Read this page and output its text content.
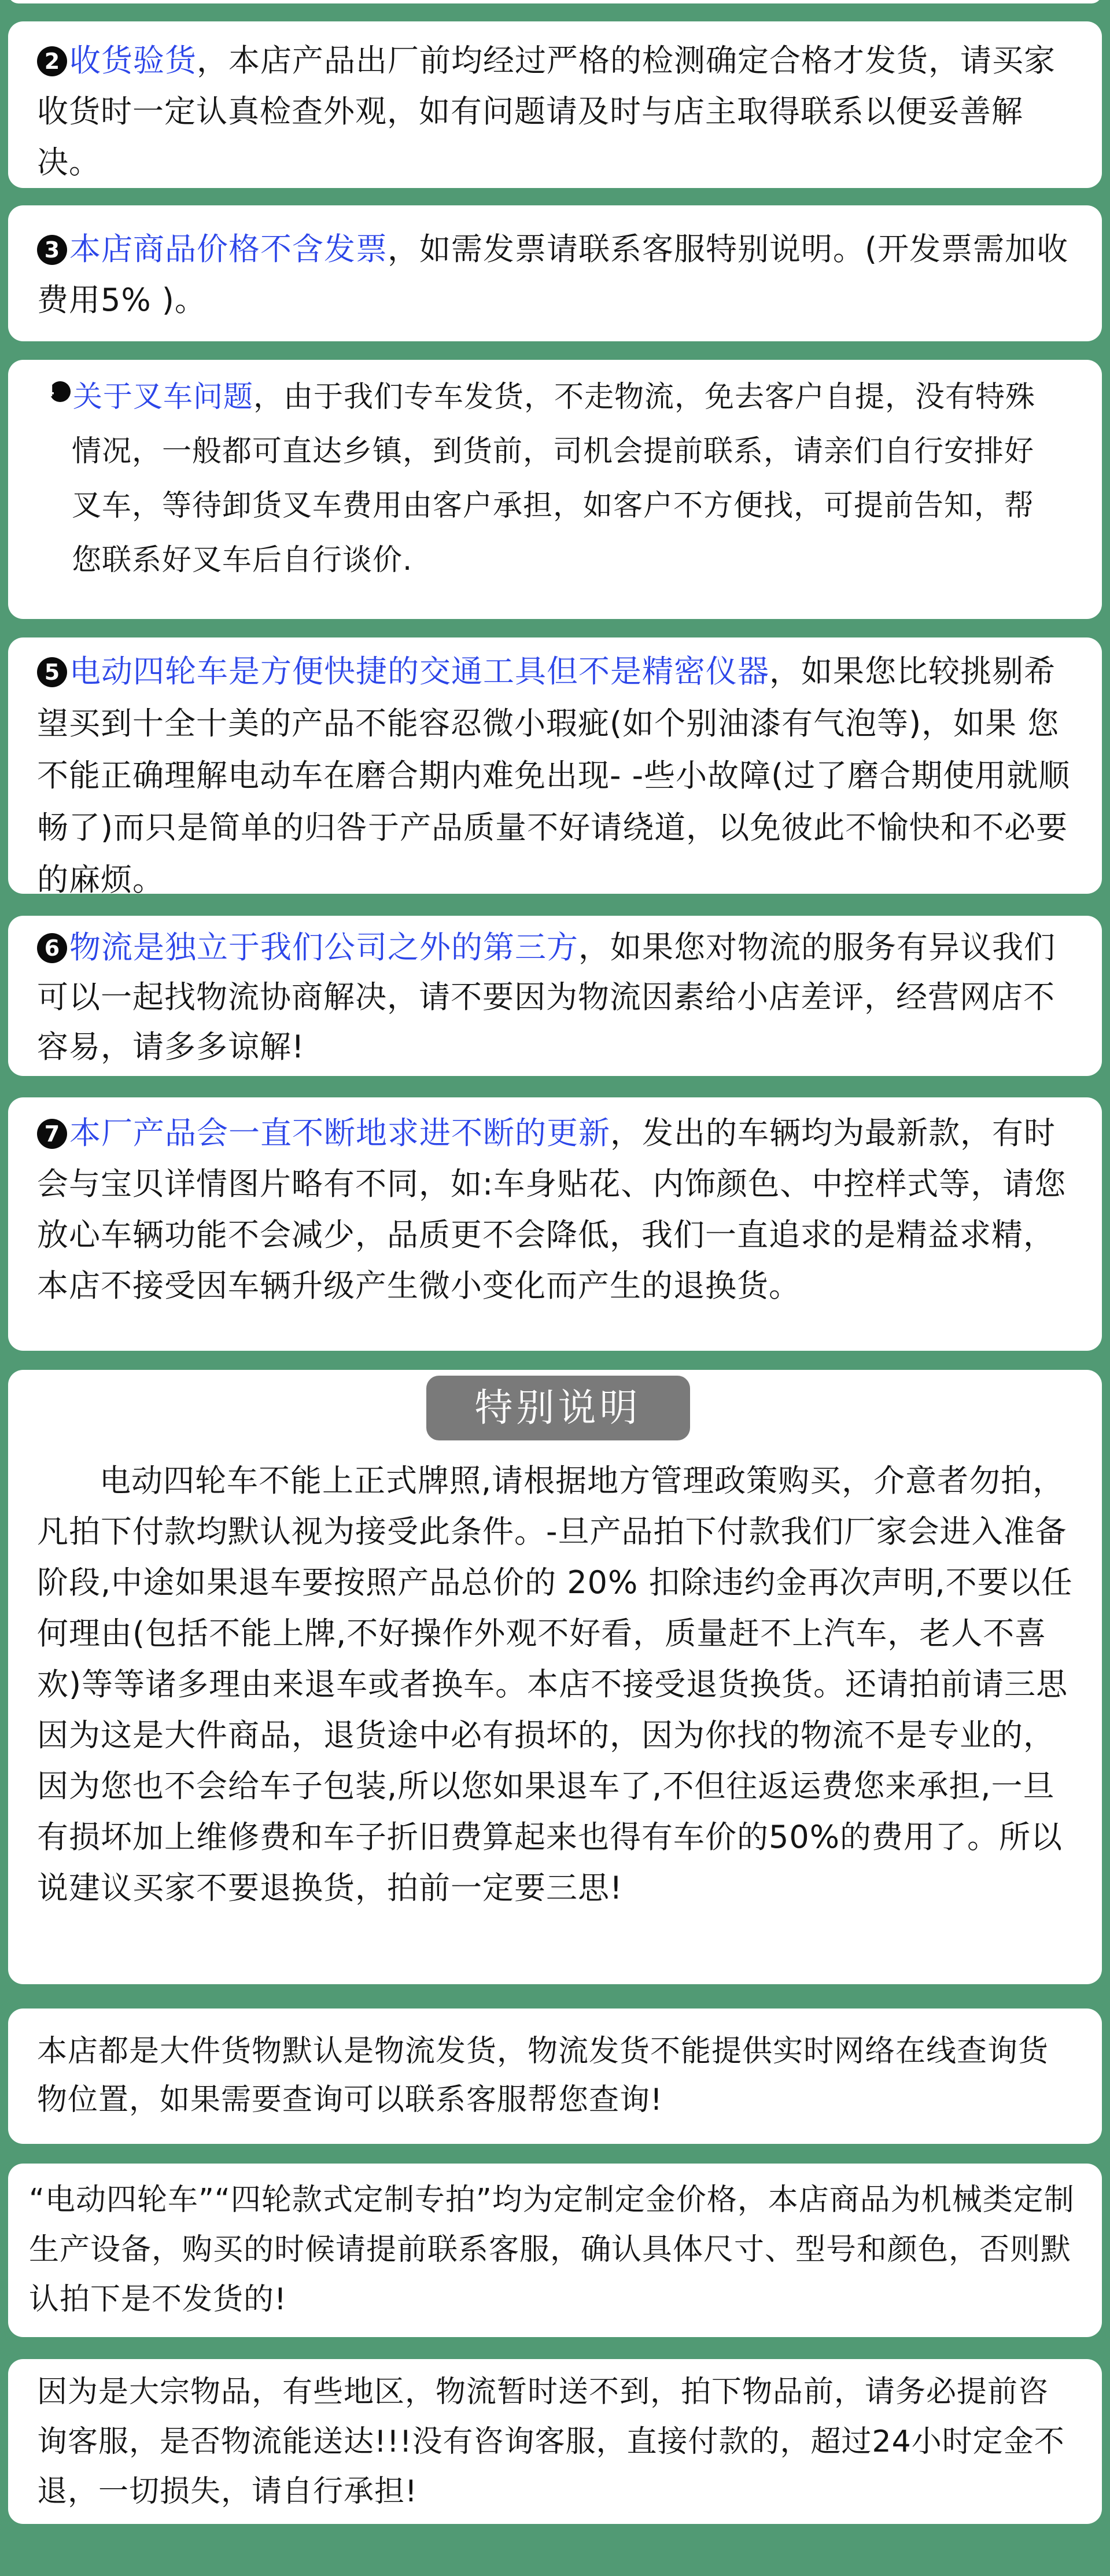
2 收货验货，本店产品出厂前均经过严格的检测确定合格才发货，请买家收货时一定认真检查外观，如有问题请及时与店主取得联系以便妥善解决。

3 本店商品价格不含发票，如需发票请联系客服特别说明。(开发票需加收费用5% )。

4 关于叉车问题，由于我们专车发货，不走物流，免去客户自提，没有特殊情况，一般都可直达乡镇，到货前，司机会提前联系，请亲们自行安排好叉车，等待卸货叉车费用由客户承担，如客户不方便找，可提前告知，帮您联系好叉车后自行谈价.

5 电动四轮车是方便快捷的交通工具但不是精密仪器，如果您比较挑剔希望买到十全十美的产品不能容忍微小瑕疵(如个别油漆有气泡等)，如果 您不能正确理解电动车在磨合期内难免出现- -些小故障(过了磨合期使用就顺畅了)而只是简单的归咎于产品质量不好请绕道，以免彼此不愉快和不必要的麻烦。

6 物流是独立于我们公司之外的第三方，如果您对物流的服务有异议我们可以一起找物流协商解决，请不要因为物流因素给小店差评，经营网店不容易，请多多谅解!

7 本厂产品会一直不断地求进不断的更新，发出的车辆均为最新款，有时会与宝贝详情图片略有不同，如:车身贴花、内饰颜色、中控样式等，请您放心车辆功能不会减少，品质更不会降低，我们一直追求的是精益求精，本店不接受因车辆升级产生微小变化而产生的退换货。

特别说明

电动四轮车不能上正式牌照,请根据地方管理政策购买，介意者勿拍，凡拍下付款均默认视为接受此条件。-旦产品拍下付款我们厂家会进入准备阶段,中途如果退车要按照产品总价的 20% 扣除违约金再次声明,不要以任何理由(包括不能上牌,不好操作外观不好看，质量赶不上汽车，老人不喜欢)等等诸多理由来退车或者换车。本店不接受退货换货。还请拍前请三思因为这是大件商品，退货途中必有损坏的，因为你找的物流不是专业的，因为您也不会给车子包装,所以您如果退车了,不但往返运费您来承担,一旦有损坏加上维修费和车子折旧费算起来也得有车价的50%的费用了。所以说建议买家不要退换货，拍前一定要三思!

本店都是大件货物默认是物流发货，物流发货不能提供实时网络在线查询货物位置，如果需要查询可以联系客服帮您查询!

“电动四轮车”“四轮款式定制专拍”均为定制定金价格，本店商品为机械类定制生产设备，购买的时候请提前联系客服，确认具体尺寸、型号和颜色，否则默认拍下是不发货的!

因为是大宗物品，有些地区，物流暂时送不到，拍下物品前，请务必提前咨询客服，是否物流能送达!!!没有咨询客服，直接付款的，超过24小时定金不退，一切损失，请自行承担!
